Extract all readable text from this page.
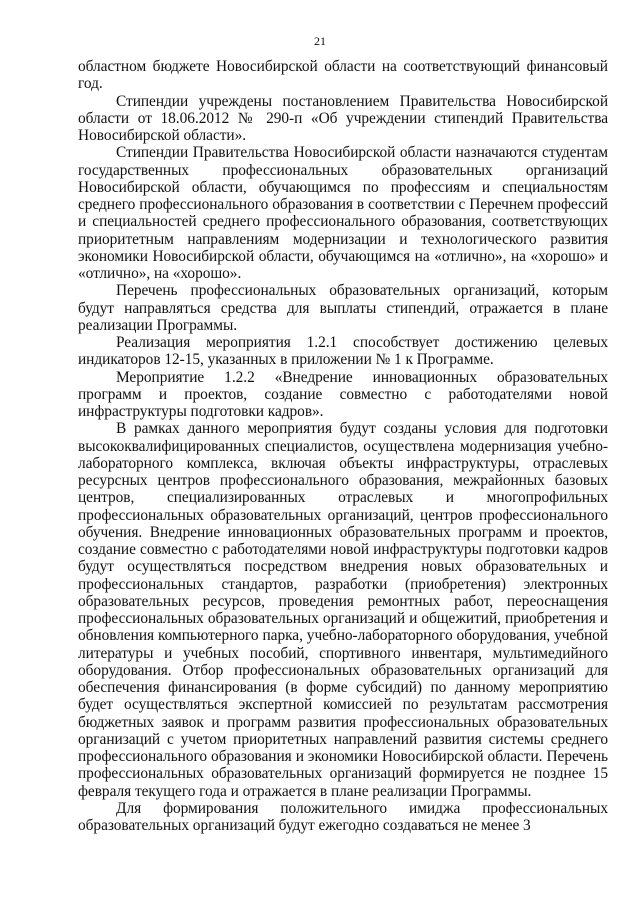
21

областном бюджете Новосибирской области на соответствующий финансовый год.

Стипендии учреждены постановлением Правительства Новосибирской области от 18.06.2012 № 290-п «Об учреждении стипендий Правительства Новосибирской области».

Стипендии Правительства Новосибирской области назначаются студентам государственных профессиональных образовательных организаций Новосибирской области, обучающимся по профессиям и специальностям среднего профессионального образования в соответствии с Перечнем профессий и специальностей среднего профессионального образования, соответствующих приоритетным направлениям модернизации и технологического развития экономики Новосибирской области, обучающимся на «отлично», на «хорошо» и «отлично», на «хорошо».

Перечень профессиональных образовательных организаций, которым будут направляться средства для выплаты стипендий, отражается в плане реализации Программы.

Реализация мероприятия 1.2.1 способствует достижению целевых индикаторов 12-15, указанных в приложении № 1 к Программе.

Мероприятие 1.2.2 «Внедрение инновационных образовательных программ и проектов, создание совместно с работодателями новой инфраструктуры подготовки кадров».

В рамках данного мероприятия будут созданы условия для подготовки высококвалифицированных специалистов, осуществлена модернизация учебно-лабораторного комплекса, включая объекты инфраструктуры, отраслевых ресурсных центров профессионального образования, межрайонных базовых центров, специализированных отраслевых и многопрофильных профессиональных образовательных организаций, центров профессионального обучения. Внедрение инновационных образовательных программ и проектов, создание совместно с работодателями новой инфраструктуры подготовки кадров будут осуществляться посредством внедрения новых образовательных и профессиональных стандартов, разработки (приобретения) электронных образовательных ресурсов, проведения ремонтных работ, переоснащения профессиональных образовательных организаций и общежитий, приобретения и обновления компьютерного парка, учебно-лабораторного оборудования, учебной литературы и учебных пособий, спортивного инвентаря, мультимедийного оборудования. Отбор профессиональных образовательных организаций для обеспечения финансирования (в форме субсидий) по данному мероприятию будет осуществляться экспертной комиссией по результатам рассмотрения бюджетных заявок и программ развития профессиональных образовательных организаций с учетом приоритетных направлений развития системы среднего профессионального образования и экономики Новосибирской области. Перечень профессиональных образовательных организаций формируется не позднее 15 февраля текущего года и отражается в плане реализации Программы.

Для формирования положительного имиджа профессиональных образовательных организаций будут ежегодно создаваться не менее 3
